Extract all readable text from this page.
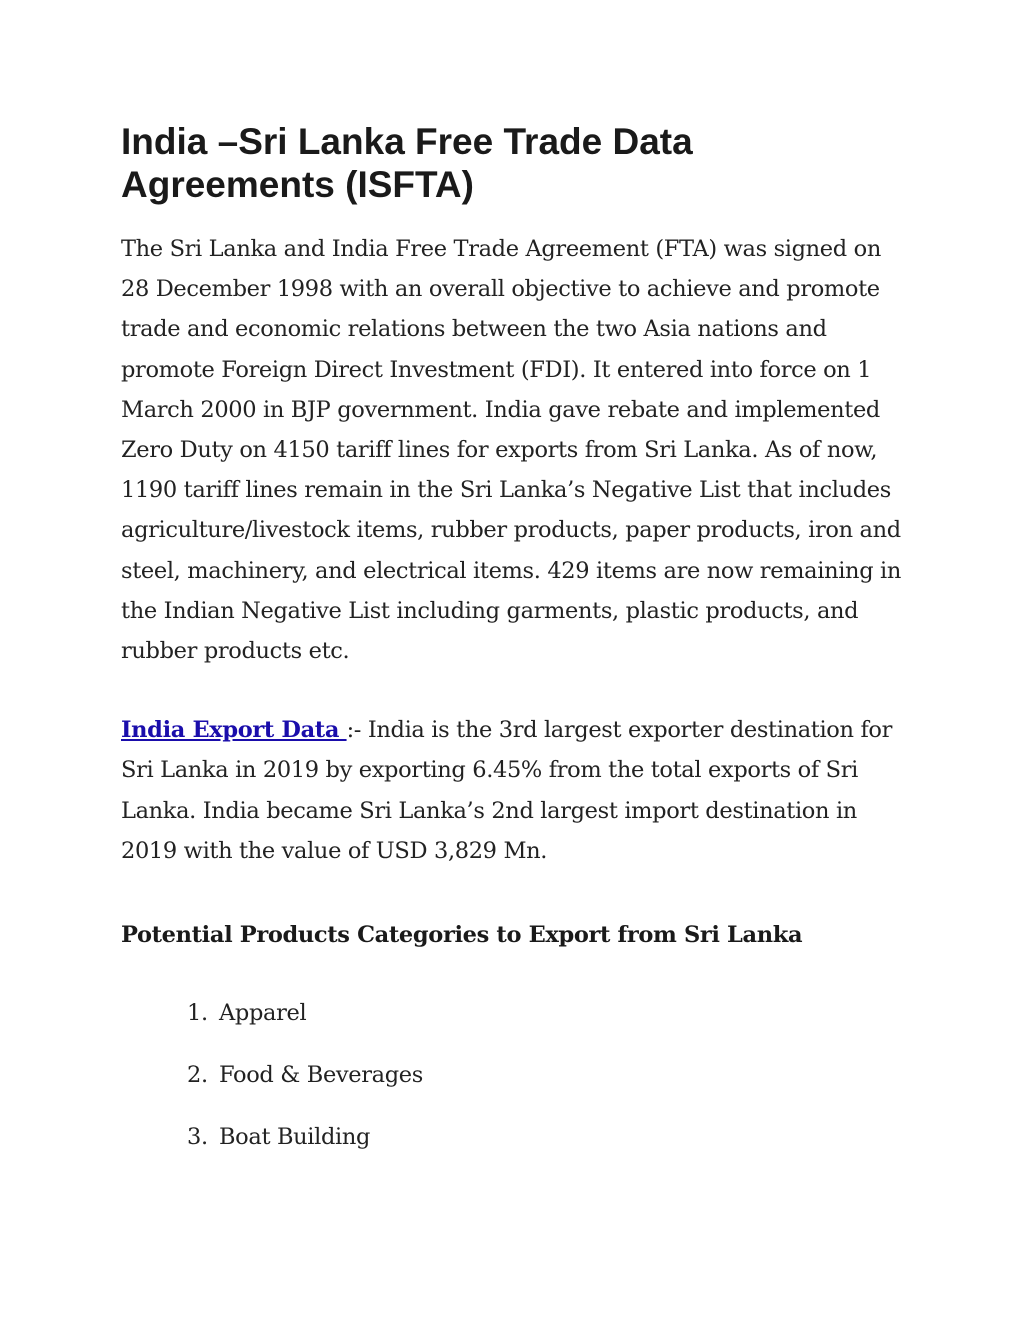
India –Sri Lanka Free Trade Data Agreements (ISFTA)

The Sri Lanka and India Free Trade Agreement (FTA) was signed on 28 December 1998 with an overall objective to achieve and promote trade and economic relations between the two Asia nations and promote Foreign Direct Investment (FDI). It entered into force on 1 March 2000 in BJP government. India gave rebate and implemented Zero Duty on 4150 tariff lines for exports from Sri Lanka. As of now, 1190 tariff lines remain in the Sri Lanka’s Negative List that includes agriculture/livestock items, rubber products, paper products, iron and steel, machinery, and electrical items. 429 items are now remaining in the Indian Negative List including garments, plastic products, and rubber products etc.

India Export Data :- India is the 3rd largest exporter destination for Sri Lanka in 2019 by exporting 6.45% from the total exports of Sri Lanka. India became Sri Lanka’s 2nd largest import destination in 2019 with the value of USD 3,829 Mn.

Potential Products Categories to Export from Sri Lanka
1. Apparel
2. Food & Beverages
3. Boat Building
